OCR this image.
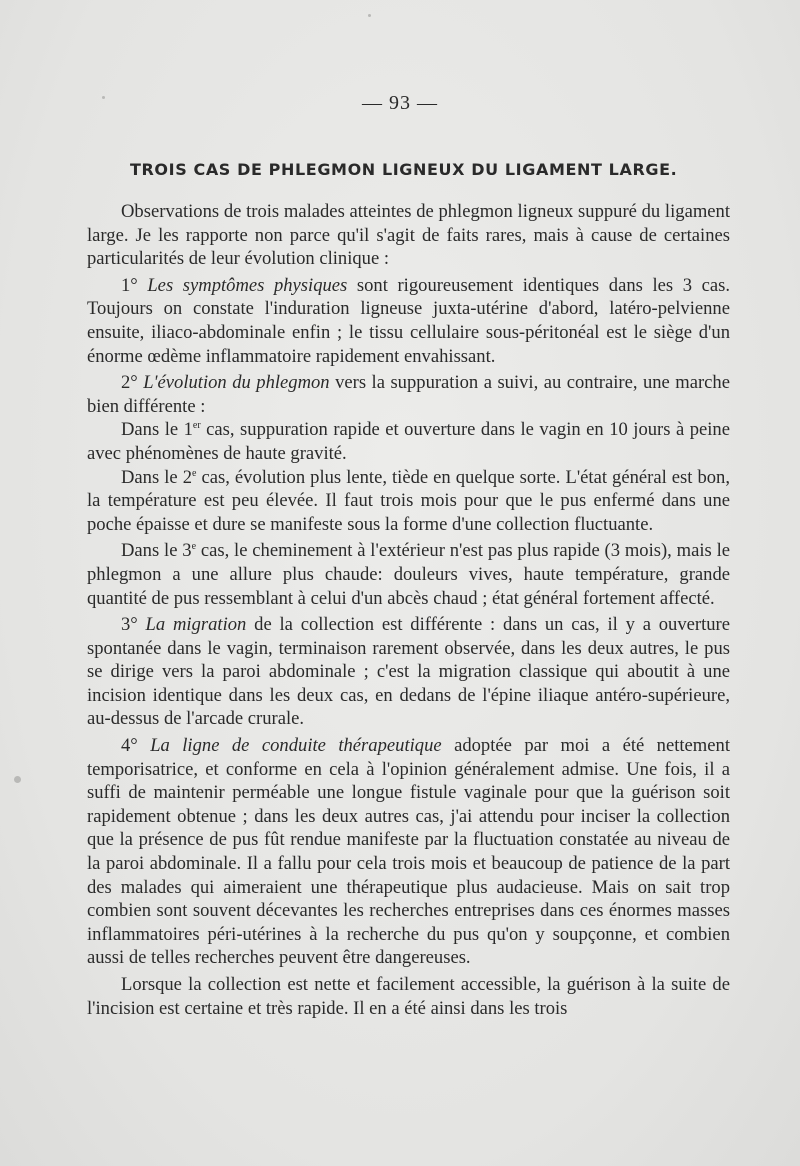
— 93 —
TROIS CAS DE PHLEGMON LIGNEUX DU LIGAMENT LARGE.

Observations de trois malades atteintes de phlegmon ligneux suppuré du ligament large. Je les rapporte non parce qu'il s'agit de faits rares, mais à cause de certaines particularités de leur évolution clinique :

1° Les symptômes physiques sont rigoureusement identiques dans les 3 cas. Toujours on constate l'induration ligneuse juxta-utérine d'abord, latéro-pelvienne ensuite, iliaco-abdominale enfin ; le tissu cellulaire sous-péritonéal est le siège d'un énorme œdème inflammatoire rapidement envahissant.

2° L'évolution du phlegmon vers la suppuration a suivi, au contraire, une marche bien différente :

Dans le 1er cas, suppuration rapide et ouverture dans le vagin en 10 jours à peine avec phénomènes de haute gravité.

Dans le 2e cas, évolution plus lente, tiède en quelque sorte. L'état général est bon, la température est peu élevée. Il faut trois mois pour que le pus enfermé dans une poche épaisse et dure se manifeste sous la forme d'une collection fluctuante.

Dans le 3e cas, le cheminement à l'extérieur n'est pas plus rapide (3 mois), mais le phlegmon a une allure plus chaude: douleurs vives, haute température, grande quantité de pus ressemblant à celui d'un abcès chaud ; état général fortement affecté.

3° La migration de la collection est différente : dans un cas, il y a ouverture spontanée dans le vagin, terminaison rarement observée, dans les deux autres, le pus se dirige vers la paroi abdominale ; c'est la migration classique qui aboutit à une incision identique dans les deux cas, en dedans de l'épine iliaque antéro-supérieure, au-dessus de l'arcade crurale.

4° La ligne de conduite thérapeutique adoptée par moi a été nettement temporisatrice, et conforme en cela à l'opinion généralement admise. Une fois, il a suffi de maintenir perméable une longue fistule vaginale pour que la guérison soit rapidement obtenue ; dans les deux autres cas, j'ai attendu pour inciser la collection que la présence de pus fût rendue manifeste par la fluctuation constatée au niveau de la paroi abdominale. Il a fallu pour cela trois mois et beaucoup de patience de la part des malades qui aimeraient une thérapeutique plus audacieuse. Mais on sait trop combien sont souvent décevantes les recherches entreprises dans ces énormes masses inflammatoires péri-utérines à la recherche du pus qu'on y soupçonne, et combien aussi de telles recherches peuvent être dangereuses.

Lorsque la collection est nette et facilement accessible, la guérison à la suite de l'incision est certaine et très rapide. Il en a été ainsi dans les trois
